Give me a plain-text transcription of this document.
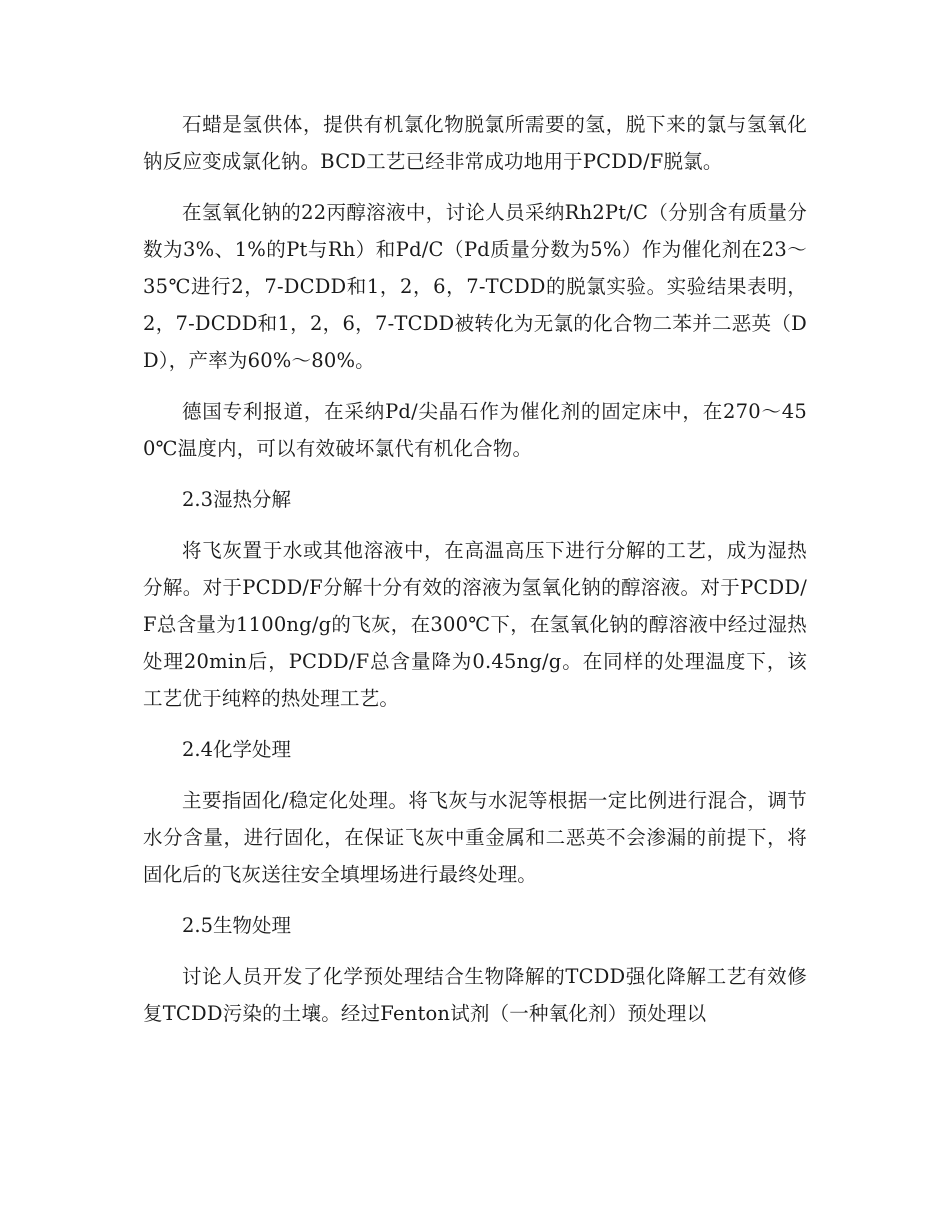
石蜡是氢供体，提供有机氯化物脱氯所需要的氢，脱下来的氯与氢氧化钠反应变成氯化钠。BCD工艺已经非常成功地用于PCDD/F脱氯。

在氢氧化钠的22丙醇溶液中，讨论人员采纳Rh2Pt/C（分别含有质量分数为3%、1%的Pt与Rh）和Pd/C（Pd质量分数为5%）作为催化剂在23～35℃进行2，7-DCDD和1，2，6，7-TCDD的脱氯实验。实验结果表明，2，7-DCDD和1，2，6，7-TCDD被转化为无氯的化合物二苯并二恶英（DD），产率为60%～80%。

德国专利报道，在采纳Pd/尖晶石作为催化剂的固定床中，在270～450℃温度内，可以有效破坏氯代有机化合物。

2.3湿热分解

将飞灰置于水或其他溶液中，在高温高压下进行分解的工艺，成为湿热分解。对于PCDD/F分解十分有效的溶液为氢氧化钠的醇溶液。对于PCDD/F总含量为1100ng/g的飞灰，在300℃下，在氢氧化钠的醇溶液中经过湿热处理20min后，PCDD/F总含量降为0.45ng/g。在同样的处理温度下，该工艺优于纯粹的热处理工艺。

2.4化学处理

主要指固化/稳定化处理。将飞灰与水泥等根据一定比例进行混合，调节水分含量，进行固化，在保证飞灰中重金属和二恶英不会渗漏的前提下，将固化后的飞灰送往安全填埋场进行最终处理。

2.5生物处理

讨论人员开发了化学预处理结合生物降解的TCDD强化降解工艺有效修复TCDD污染的土壤。经过Fenton试剂（一种氧化剂）预处理以
